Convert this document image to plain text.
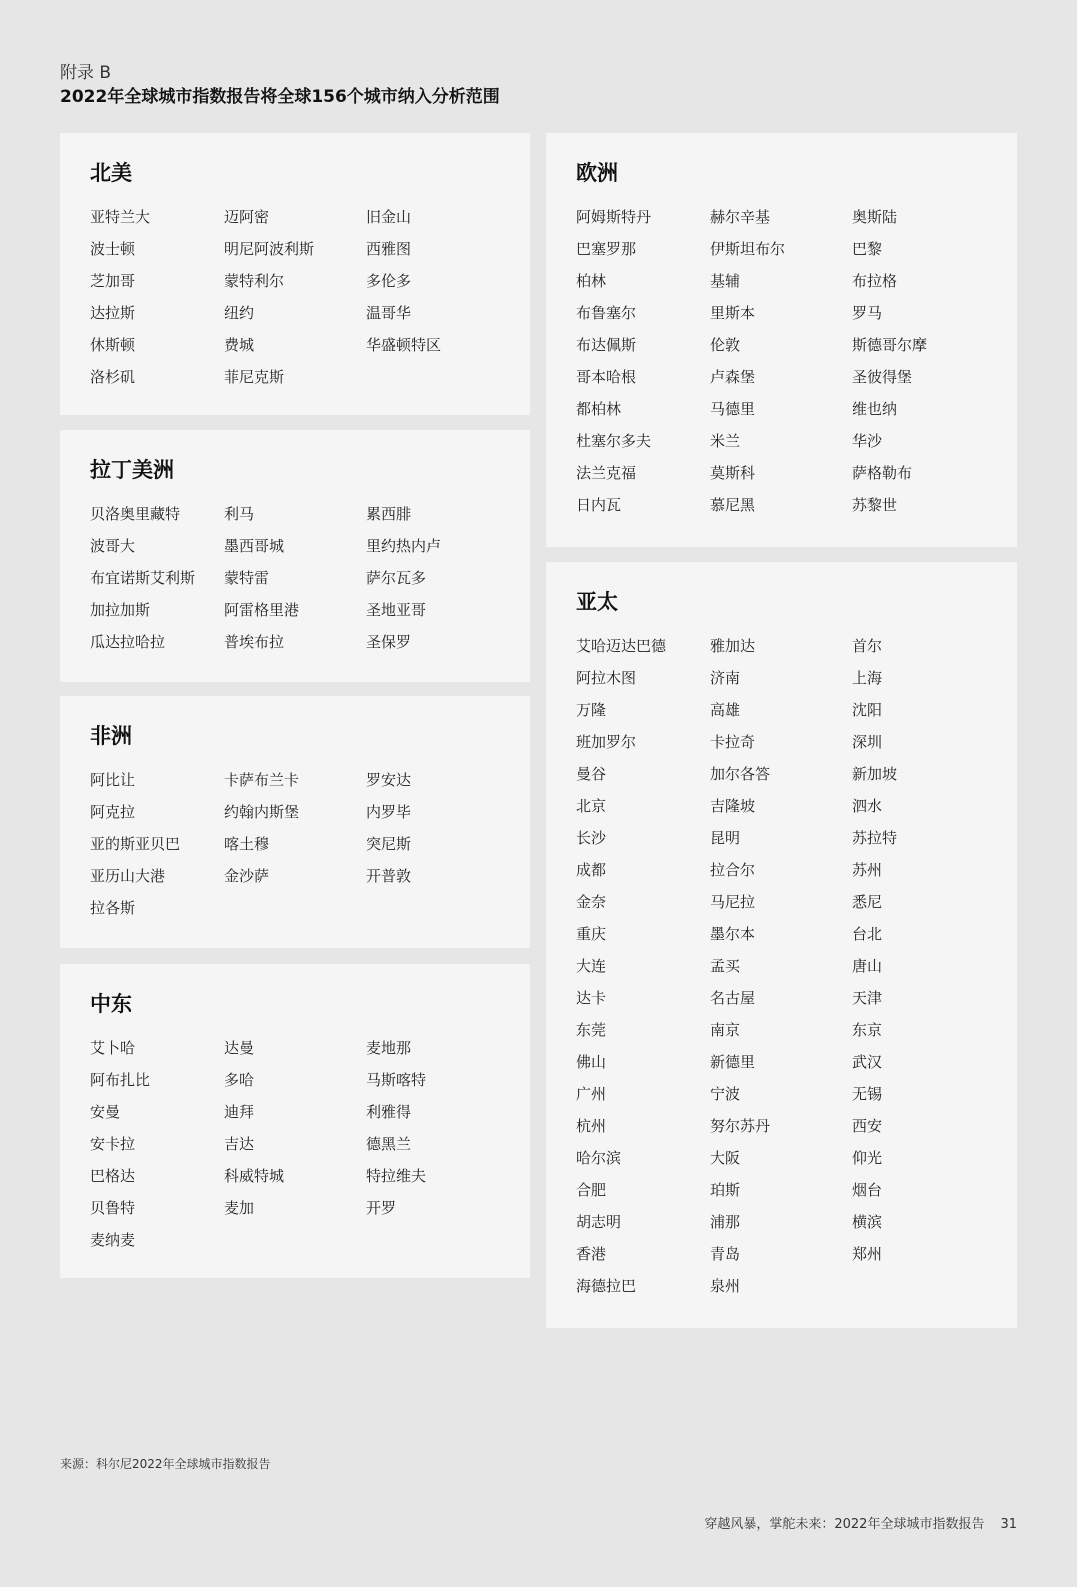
附录 B
2022年全球城市指数报告将全球156个城市纳入分析范围
北美
亚特兰大	迈阿密	旧金山
波士顿	明尼阿波利斯	西雅图
芝加哥	蒙特利尔	多伦多
达拉斯	纽约	温哥华
休斯顿	费城	华盛顿特区
洛杉矶	菲尼克斯
拉丁美洲
贝洛奥里藏特	利马	累西腓
波哥大	墨西哥城	里约热内卢
布宜诺斯艾利斯	蒙特雷	萨尔瓦多
加拉加斯	阿雷格里港	圣地亚哥
瓜达拉哈拉	普埃布拉	圣保罗
非洲
阿比让	卡萨布兰卡	罗安达
阿克拉	约翰内斯堡	内罗毕
亚的斯亚贝巴	喀土穆	突尼斯
亚历山大港	金沙萨	开普敦
拉各斯
中东
艾卜哈	达曼	麦地那
阿布扎比	多哈	马斯喀特
安曼	迪拜	利雅得
安卡拉	吉达	德黑兰
巴格达	科威特城	特拉维夫
贝鲁特	麦加	开罗
麦纳麦
欧洲
阿姆斯特丹	赫尔辛基	奥斯陆
巴塞罗那	伊斯坦布尔	巴黎
柏林	基辅	布拉格
布鲁塞尔	里斯本	罗马
布达佩斯	伦敦	斯德哥尔摩
哥本哈根	卢森堡	圣彼得堡
都柏林	马德里	维也纳
杜塞尔多夫	米兰	华沙
法兰克福	莫斯科	萨格勒布
日内瓦	慕尼黑	苏黎世
亚太
艾哈迈达巴德	雅加达	首尔
阿拉木图	济南	上海
万隆	高雄	沈阳
班加罗尔	卡拉奇	深圳
曼谷	加尔各答	新加坡
北京	吉隆坡	泗水
长沙	昆明	苏拉特
成都	拉合尔	苏州
金奈	马尼拉	悉尼
重庆	墨尔本	台北
大连	孟买	唐山
达卡	名古屋	天津
东莞	南京	东京
佛山	新德里	武汉
广州	宁波	无锡
杭州	努尔苏丹	西安
哈尔滨	大阪	仰光
合肥	珀斯	烟台
胡志明	浦那	横滨
香港	青岛	郑州
海德拉巴	泉州
来源：科尔尼2022年全球城市指数报告
穿越风暴，掌舵未来：2022年全球城市指数报告 31
